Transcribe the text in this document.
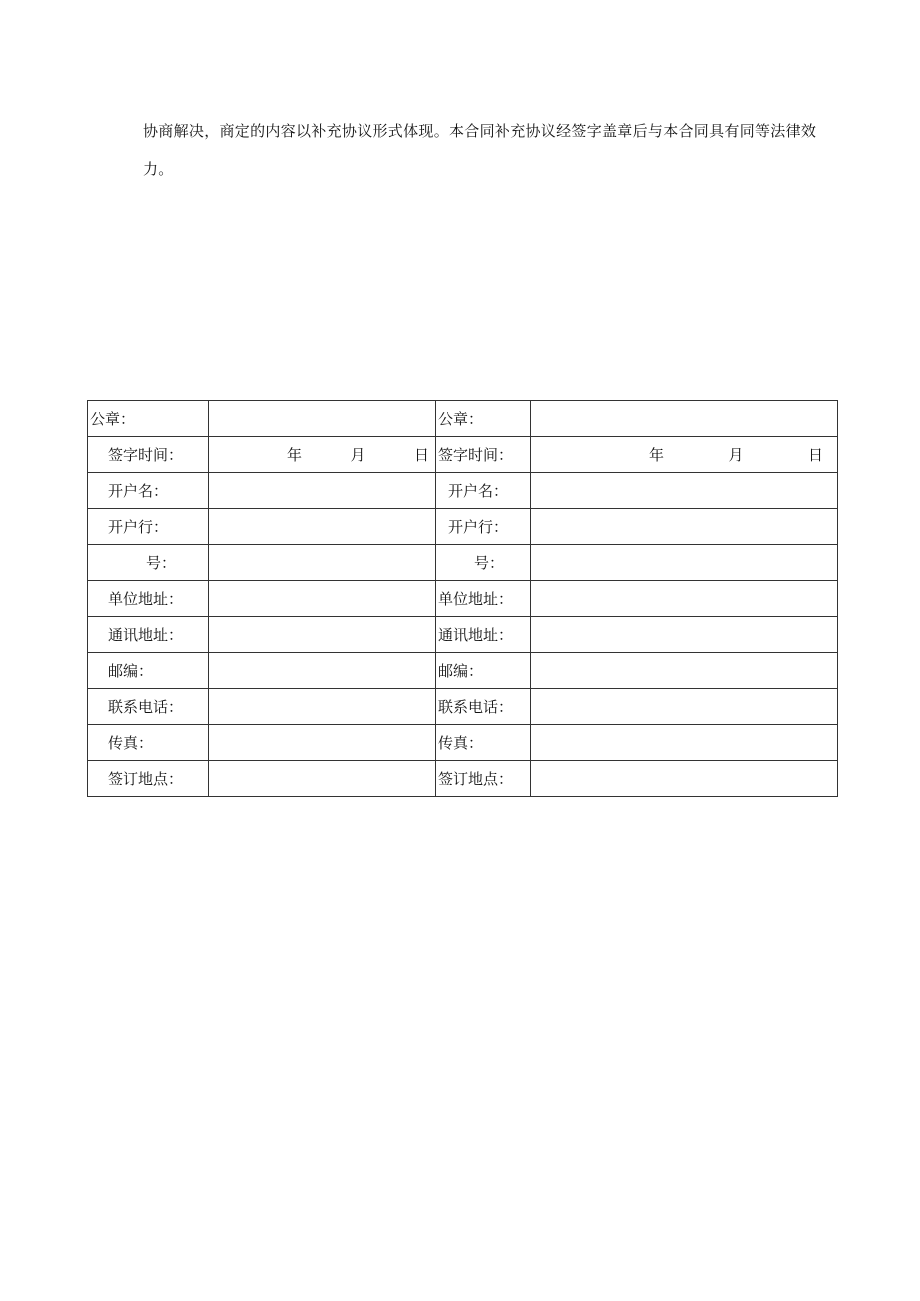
协商解决，商定的内容以补充协议形式体现。本合同补充协议经签字盖章后与本合同具有同等法律效

力。

公章：		公章：	
签字时间：	年 月 日	签字时间：	年 月 日

开户名：		开户名：	
开户行：		开户行：	
号：		号：	
单位地址：		单位地址：	
通讯地址：		通讯地址：	
邮编：		邮编：	
联系电话：		联系电话：	
传真：		传真：	
签订地点：		签订地点：	
